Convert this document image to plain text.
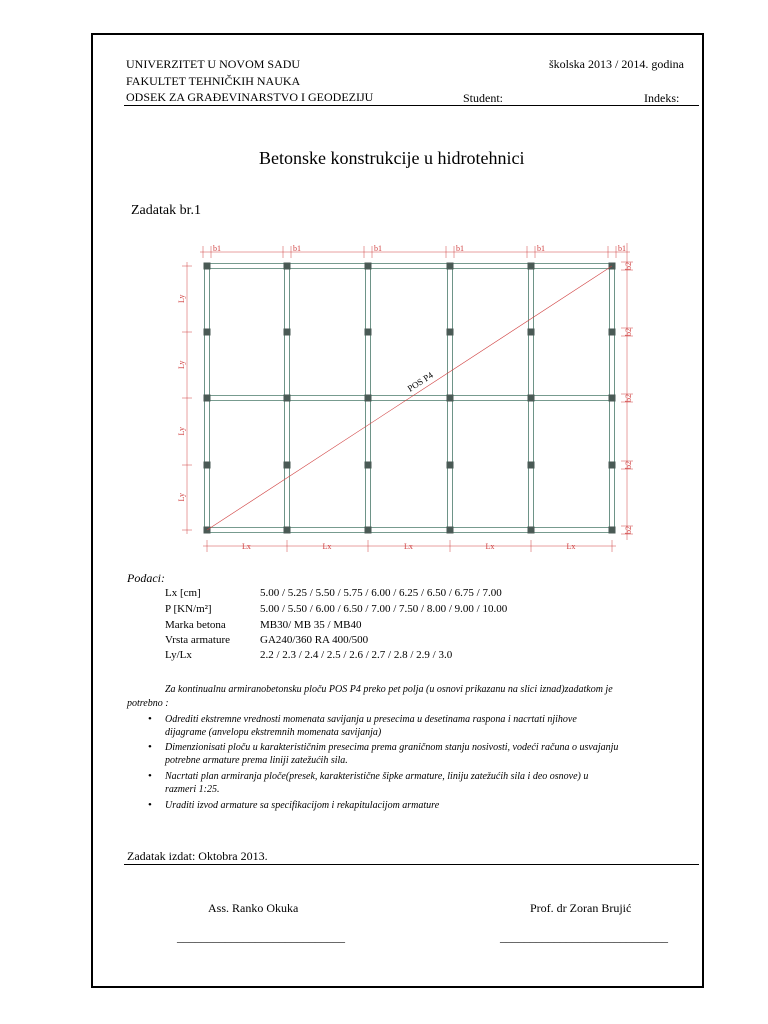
UNIVERZITET U NOVOM SADU
FAKULTET TEHNIČKIH NAUKA
ODSEK ZA GRAĐEVINARSTVO I GEODEZIJU
školska 2013 / 2014. godina
Student:	Indeks:
Betonske konstrukcije u hidrotehnici
Zadatak br.1
POS P4
b1	b1	b1	b1	b1	b1
b2
b2
b2
b2
b2
Ly
Ly
Ly
Ly
Lx	Lx	Lx	Lx	Lx
Podaci:
Lx [cm]	5.00 / 5.25 / 5.50 / 5.75 / 6.00 / 6.25 / 6.50 / 6.75 / 7.00
P [KN/m²]	5.00 / 5.50 / 6.00 / 6.50 / 7.00 / 7.50 / 8.00 / 9.00 / 10.00
Marka betona	MB30/ MB 35 / MB40
Vrsta armature	GA240/360 RA 400/500
Ly/Lx	2.2 / 2.3 / 2.4 / 2.5 / 2.6 / 2.7 / 2.8 / 2.9 / 3.0
Za kontinualnu armiranobetonsku ploču POS P4 preko pet polja (u osnovi prikazanu na slici iznad)zadatkom je
potrebno :
• Odrediti ekstremne vrednosti momenata savijanja u presecima u desetinama raspona i nacrtati njihove
dijagrame (anvelopu ekstremnih momenata savijanja)
• Dimenzionisati ploču u karakterističnim presecima prema graničnom stanju nosivosti, vodeći računa o usvajanju
potrebne armature prema liniji zatežućih sila.
• Nacrtati plan armiranja ploče(presek, karakteristične šipke armature, liniju zatežućih sila i deo osnove) u
razmeri 1:25.
• Uraditi izvod armature sa specifikacijom i rekapitulacijom armature
Zadatak izdat: Oktobra 2013.
Ass. Ranko Okuka	Prof. dr Zoran Brujić
____________________________	____________________________
